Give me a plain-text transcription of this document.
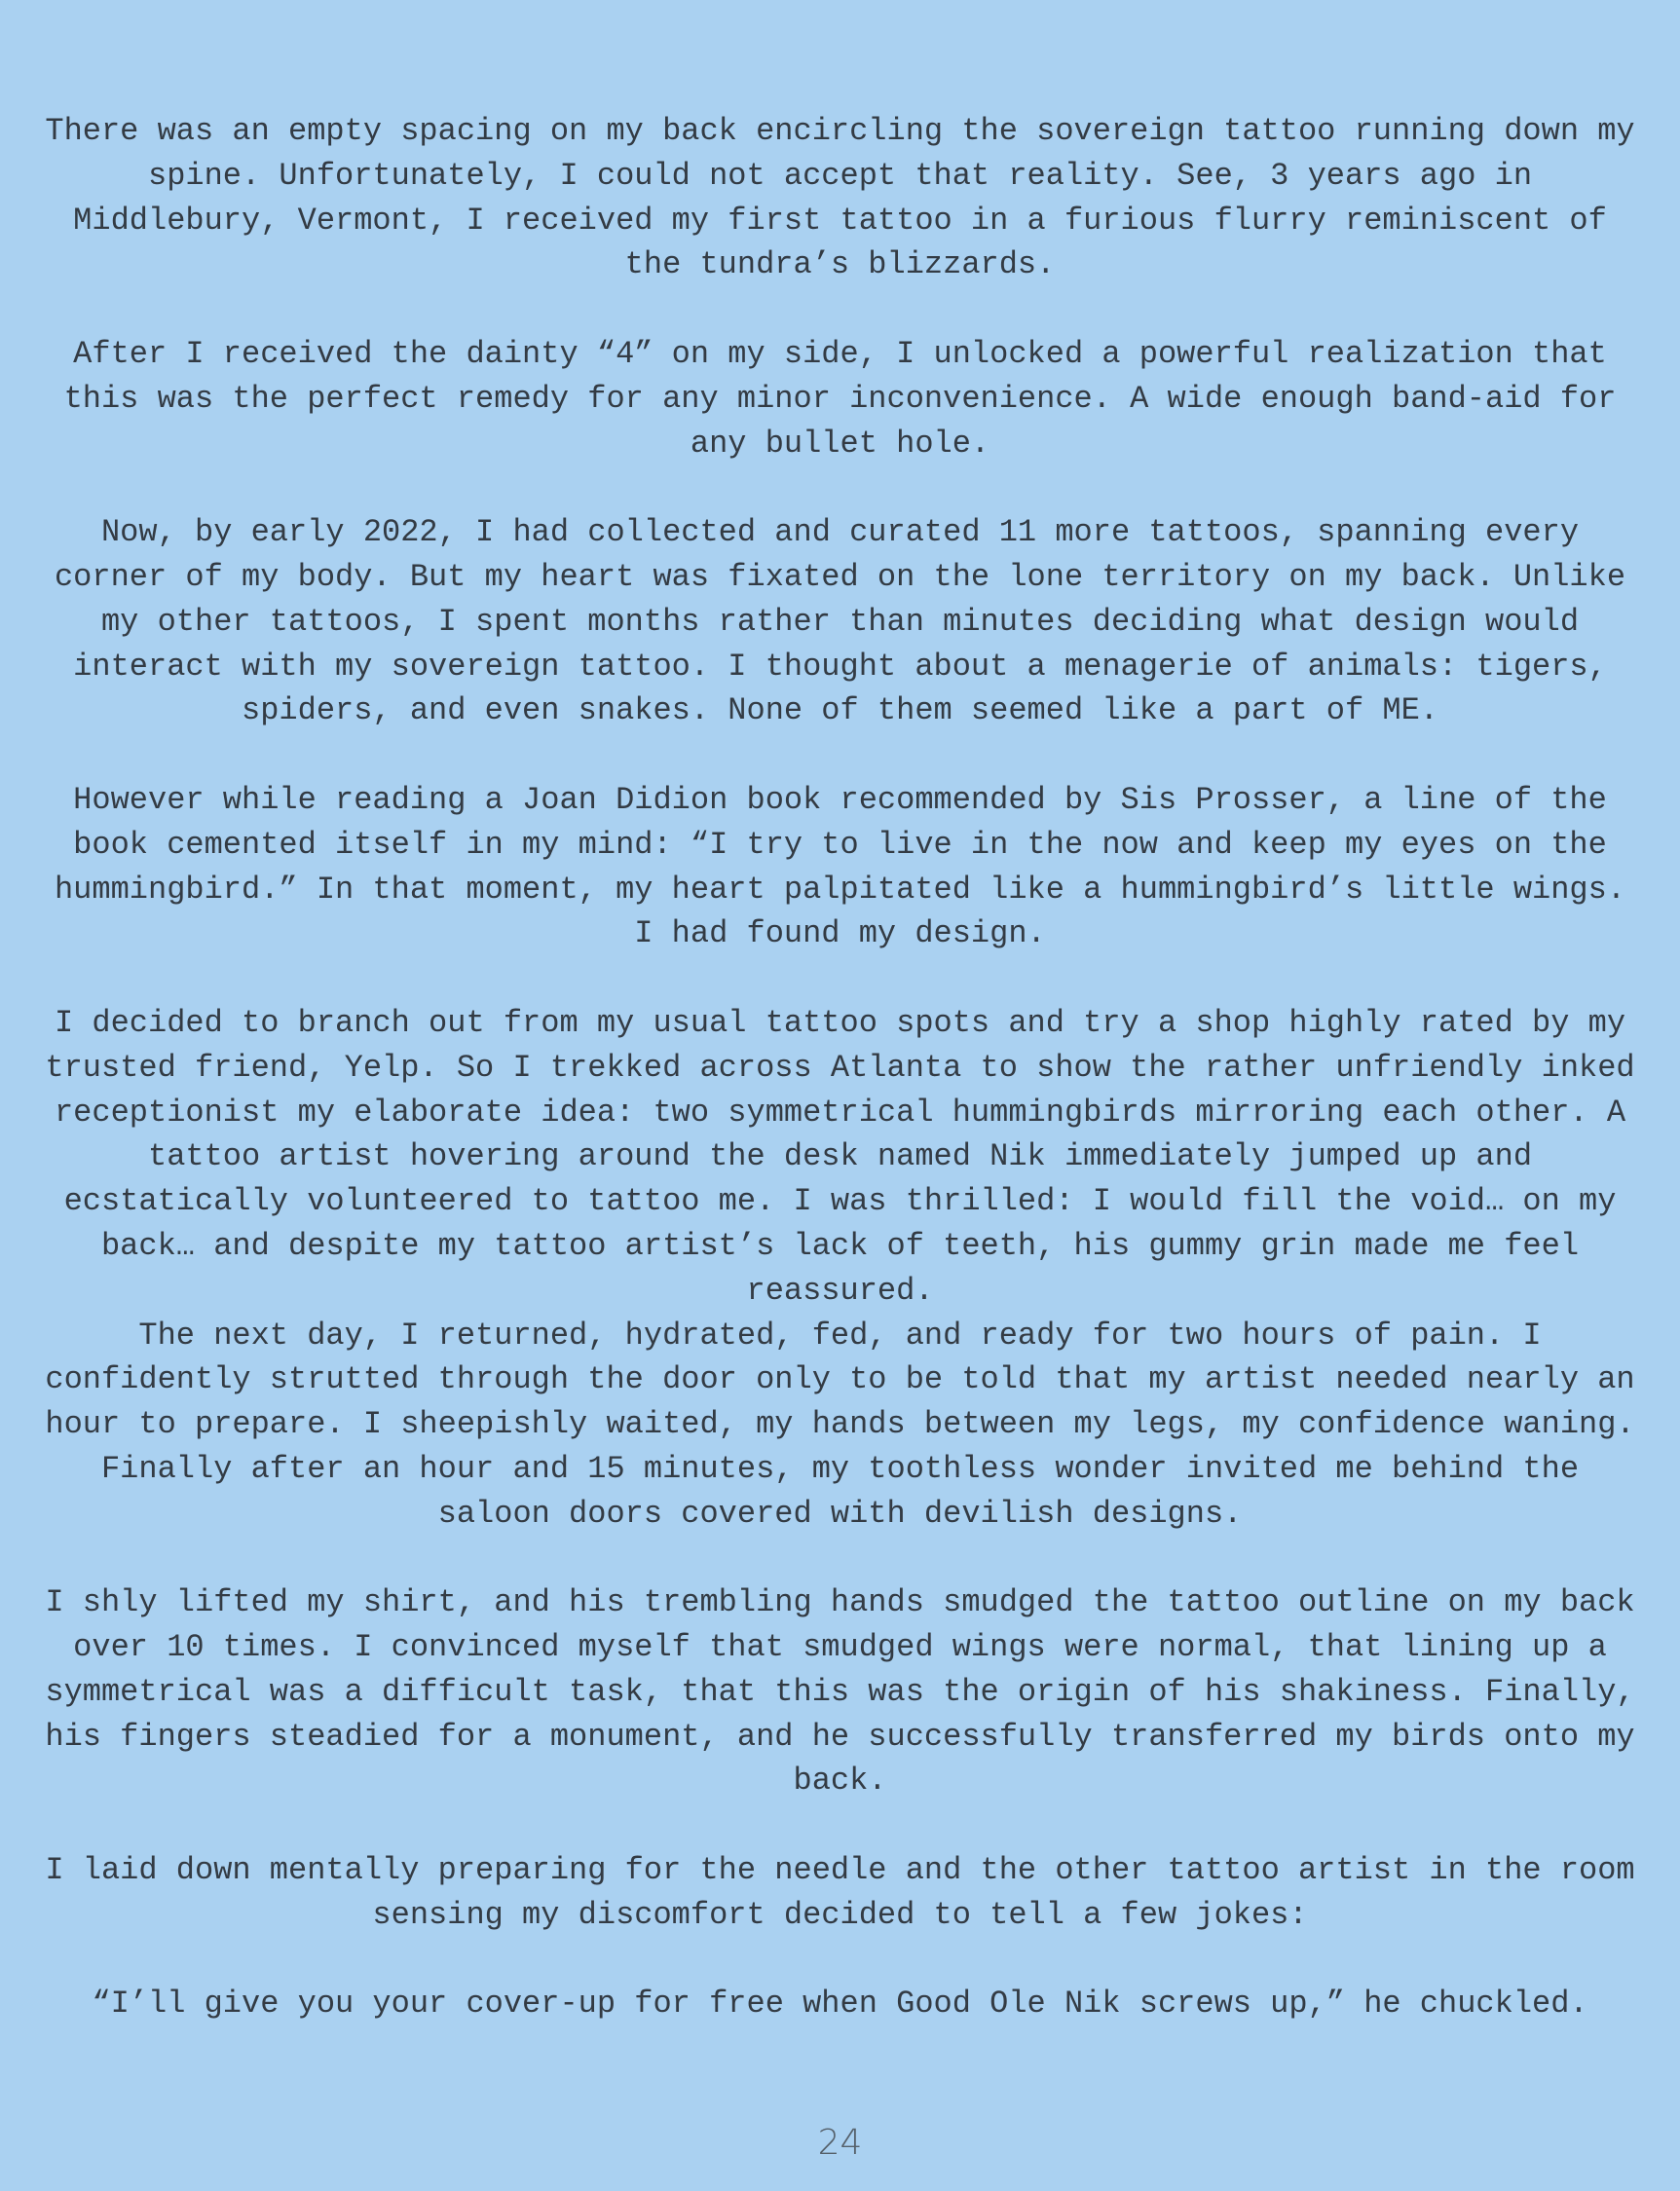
There was an empty spacing on my back encircling the sovereign tattoo running down my spine. Unfortunately, I could not accept that reality. See, 3 years ago in Middlebury, Vermont, I received my first tattoo in a furious flurry reminiscent of the tundra’s blizzards.

After I received the dainty “4” on my side, I unlocked a powerful realization that this was the perfect remedy for any minor inconvenience. A wide enough band-aid for any bullet hole.

Now, by early 2022, I had collected and curated 11 more tattoos, spanning every corner of my body. But my heart was fixated on the lone territory on my back. Unlike my other tattoos, I spent months rather than minutes deciding what design would interact with my sovereign tattoo. I thought about a menagerie of animals: tigers, spiders, and even snakes. None of them seemed like a part of ME.

However while reading a Joan Didion book recommended by Sis Prosser, a line of the book cemented itself in my mind: “I try to live in the now and keep my eyes on the hummingbird.” In that moment, my heart palpitated like a hummingbird’s little wings. I had found my design.

I decided to branch out from my usual tattoo spots and try a shop highly rated by my trusted friend, Yelp. So I trekked across Atlanta to show the rather unfriendly inked receptionist my elaborate idea: two symmetrical hummingbirds mirroring each other. A tattoo artist hovering around the desk named Nik immediately jumped up and ecstatically volunteered to tattoo me. I was thrilled: I would fill the void… on my back… and despite my tattoo artist’s lack of teeth, his gummy grin made me feel reassured.

The next day, I returned, hydrated, fed, and ready for two hours of pain. I confidently strutted through the door only to be told that my artist needed nearly an hour to prepare. I sheepishly waited, my hands between my legs, my confidence waning. Finally after an hour and 15 minutes, my toothless wonder invited me behind the saloon doors covered with devilish designs.

I shly lifted my shirt, and his trembling hands smudged the tattoo outline on my back over 10 times. I convinced myself that smudged wings were normal, that lining up a symmetrical was a difficult task, that this was the origin of his shakiness. Finally, his fingers steadied for a monument, and he successfully transferred my birds onto my back.

I laid down mentally preparing for the needle and the other tattoo artist in the room sensing my discomfort decided to tell a few jokes:

“I’ll give you your cover-up for free when Good Ole Nik screws up,” he chuckled.

24
